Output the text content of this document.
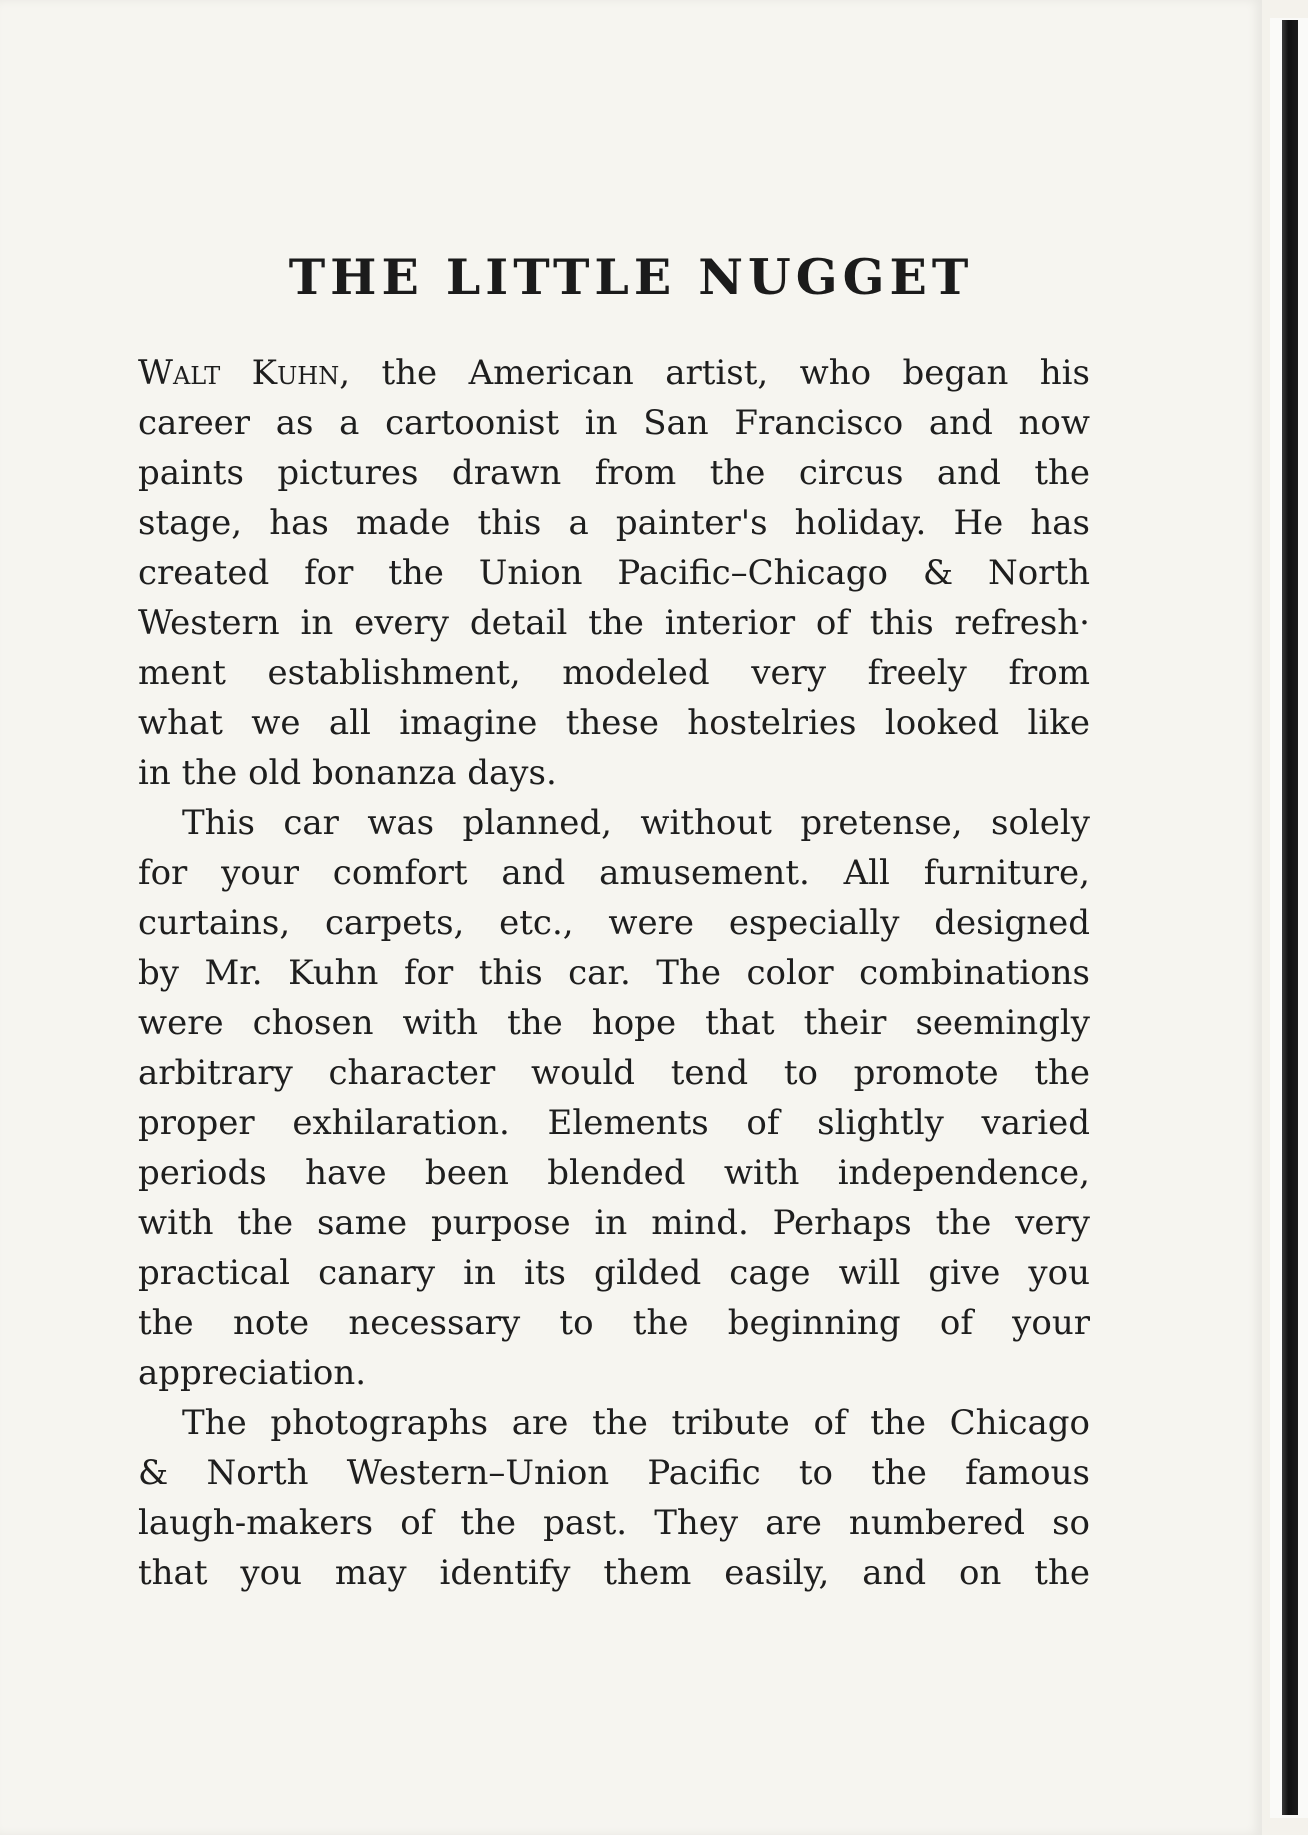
THE LITTLE NUGGET
Walt Kuhn, the American artist, who began his
career as a cartoonist in San Francisco and now
paints pictures drawn from the circus and the
stage, has made this a painter's holiday. He has
created for the Union Pacific–Chicago & North
Western in every detail the interior of this refresh·
ment establishment, modeled very freely from
what we all imagine these hostelries looked like
in the old bonanza days.
This car was planned, without pretense, solely
for your comfort and amusement. All furniture,
curtains, carpets, etc., were especially designed
by Mr. Kuhn for this car. The color combinations
were chosen with the hope that their seemingly
arbitrary character would tend to promote the
proper exhilaration. Elements of slightly varied
periods have been blended with independence,
with the same purpose in mind. Perhaps the very
practical canary in its gilded cage will give you
the note necessary to the beginning of your
appreciation.
The photographs are the tribute of the Chicago
& North Western–Union Pacific to the famous
laugh-makers of the past. They are numbered so
that you may identify them easily, and on the
